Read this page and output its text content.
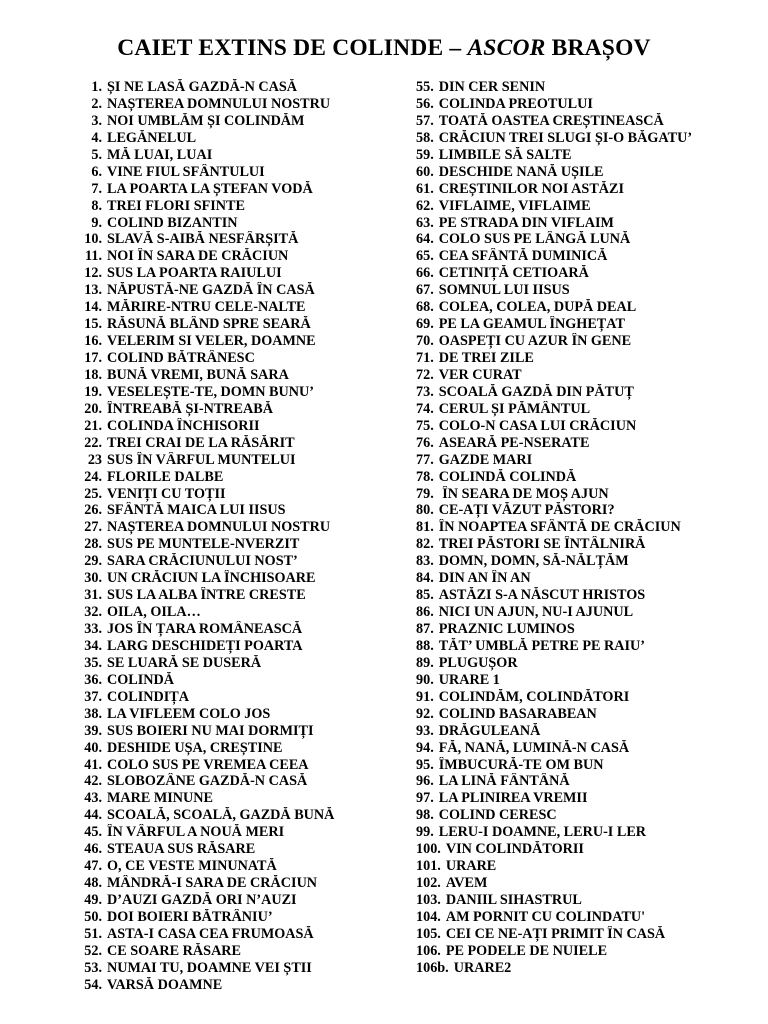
CAIET EXTINS DE COLINDE – ASCOR BRAȘOV
1. ȘI NE LASĂ GAZDĂ-N CASĂ
2. NAȘTEREA DOMNULUI NOSTRU
3. NOI UMBLĂM ȘI COLINDĂM
4. LEGĂNELUL
5. MĂ LUAI, LUAI
6. VINE FIUL SFÂNTULUI
7. LA POARTA LA ȘTEFAN VODĂ
8. TREI FLORI SFINTE
9. COLIND BIZANTIN
10. SLAVĂ S-AIBĂ NESFÂRȘITĂ
11. NOI ÎN SARA DE CRĂCIUN
12. SUS LA POARTA RAIULUI
13. NĂPUSTĂ-NE GAZDĂ ÎN CASĂ
14. MĂRIRE-NTRU CELE-NALTE
15. RĂSUNĂ BLÂND SPRE SEARĂ
16. VELERIM SI VELER, DOAMNE
17. COLIND BĂTRÂNESC
18. BUNĂ VREMI, BUNĂ SARA
19. VESELEȘTE-TE, DOMN BUNU’
20. ÎNTREABĂ ȘI-NTREABĂ
21. COLINDA ÎNCHISORII
22. TREI CRAI DE LA RĂSĂRIT
23 SUS ÎN VÂRFUL MUNTELUI
24. FLORILE DALBE
25. VENIȚI CU TOȚII
26. SFÂNTĂ MAICA LUI IISUS
27. NAȘTEREA DOMNULUI NOSTRU
28. SUS PE MUNTELE-NVERZIT
29. SARA CRĂCIUNULUI NOST’
30. UN CRĂCIUN LA ÎNCHISOARE
31. SUS LA ALBA ÎNTRE CRESTE
32. OILA, OILA…
33. JOS ÎN ȚARA ROMÂNEASCĂ
34. LARG DESCHIDEȚI POARTA
35. SE LUARĂ SE DUSERĂ
36. COLINDĂ
37. COLINDIȚA
38. LA VIFLEEM COLO JOS
39. SUS BOIERI NU MAI DORMIȚI
40. DESHIDE UȘA, CREȘTINE
41. COLO SUS PE VREMEA CEEA
42. SLOBOZÂNE GAZDĂ-N CASĂ
43. MARE MINUNE
44. SCOALĂ, SCOALĂ, GAZDĂ BUNĂ
45. ÎN VÂRFUL A NOUĂ MERI
46. STEAUA SUS RĂSARE
47. O, CE VESTE MINUNATĂ
48. MÂNDRĂ-I SARA DE CRĂCIUN
49. D’AUZI GAZDĂ ORI N’AUZI
50. DOI BOIERI BĂTRÂNIU’
51. ASTA-I CASA CEA FRUMOASĂ
52. CE SOARE RĂSARE
53. NUMAI TU, DOAMNE VEI ȘTII
54. VARSĂ DOAMNE
55. DIN CER SENIN
56. COLINDA PREOTULUI
57. TOATĂ OASTEA CREȘTINEASCĂ
58. CRĂCIUN TREI SLUGI ȘI-O BĂGATU’
59. LIMBILE SĂ SALTE
60. DESCHIDE NANĂ UȘILE
61. CREȘTINILOR NOI ASTĂZI
62. VIFLAIME, VIFLAIME
63. PE STRADA DIN VIFLAIM
64. COLO SUS PE LÂNGĂ LUNĂ
65. CEA SFÂNTĂ DUMINICĂ
66. CETINIȚĂ CETIOARĂ
67. SOMNUL LUI IISUS
68. COLEA, COLEA, DUPĂ DEAL
69. PE LA GEAMUL ÎNGHEȚAT
70. OASPEȚI CU AZUR ÎN GENE
71. DE TREI ZILE
72. VER CURAT
73. SCOALĂ GAZDĂ DIN PĂTUȚ
74. CERUL ȘI PĂMÂNTUL
75. COLO-N CASA LUI CRĂCIUN
76. ASEARĂ PE-NSERATE
77. GAZDE MARI
78. COLINDĂ COLINDĂ
79. ÎN SEARA DE MOȘ AJUN
80. CE-AȚI VĂZUT PĂSTORI?
81. ÎN NOAPTEA SFÂNTĂ DE CRĂCIUN
82. TREI PĂSTORI SE ÎNTÂLNIRĂ
83. DOMN, DOMN, SĂ-NĂLȚĂM
84. DIN AN ÎN AN
85. ASTĂZI S-A NĂSCUT HRISTOS
86. NICI UN AJUN, NU-I AJUNUL
87. PRAZNIC LUMINOS
88. TĂT’ UMBLĂ PETRE PE RAIU’
89. PLUGUȘOR
90. URARE 1
91. COLINDĂM, COLINDĂTORI
92. COLIND BASARABEAN
93. DRĂGULEANĂ
94. FĂ, NANĂ, LUMINĂ-N CASĂ
95. ÎMBUCURĂ-TE OM BUN
96. LA LINĂ FÂNTÂNĂ
97. LA PLINIREA VREMII
98. COLIND CERESC
99. LERU-I DOAMNE, LERU-I LER
100. VIN COLINDĂTORII
101. URARE
102. AVEM
103. DANIIL SIHASTRUL
104. AM PORNIT CU COLINDATU'
105. CEI CE NE-AȚI PRIMIT ÎN CASĂ
106. PE PODELE DE NUIELE
106b. URARE2
